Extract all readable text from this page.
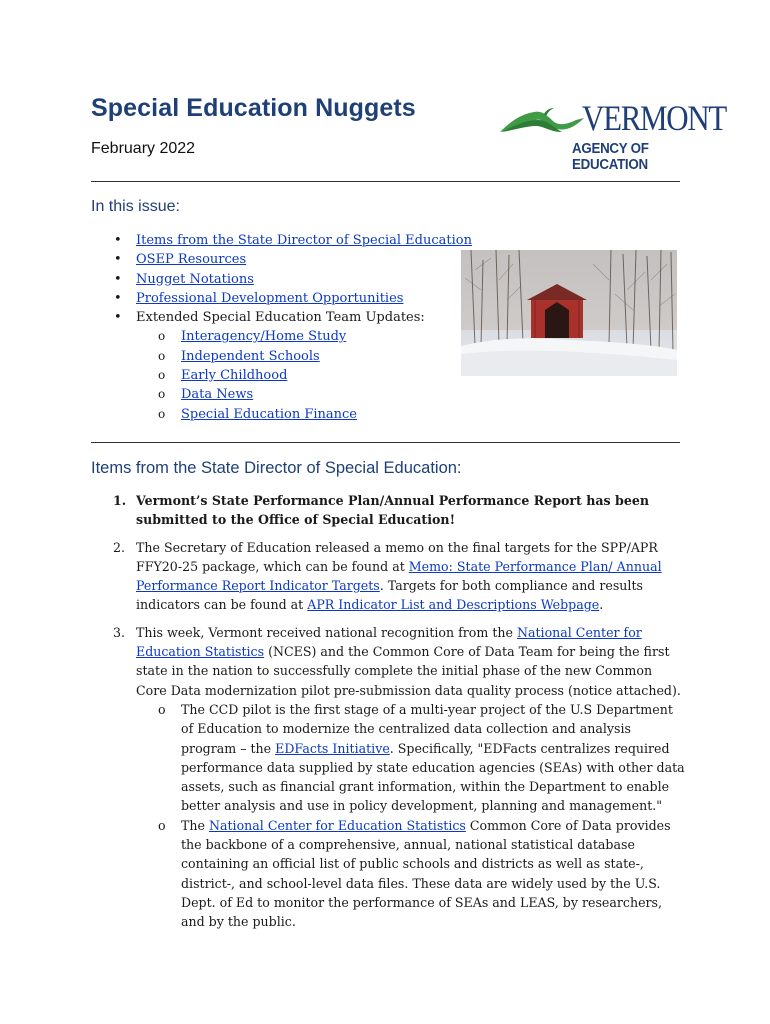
Special Education Nuggets
February 2022
VERMONT
AGENCY OF EDUCATION
In this issue:
• Items from the State Director of Special Education
• OSEP Resources
• Nugget Notations
• Professional Development Opportunities
• Extended Special Education Team Updates:
o Interagency/Home Study
o Independent Schools
o Early Childhood
o Data News
o Special Education Finance
Items from the State Director of Special Education:
1. Vermont’s State Performance Plan/Annual Performance Report has been submitted to the Office of Special Education!
2. The Secretary of Education released a memo on the final targets for the SPP/APR FFY20-25 package, which can be found at Memo: State Performance Plan/ Annual Performance Report Indicator Targets. Targets for both compliance and results indicators can be found at APR Indicator List and Descriptions Webpage.
3. This week, Vermont received national recognition from the National Center for Education Statistics (NCES) and the Common Core of Data Team for being the first state in the nation to successfully complete the initial phase of the new Common Core Data modernization pilot pre-submission data quality process (notice attached).
o The CCD pilot is the first stage of a multi-year project of the U.S Department of Education to modernize the centralized data collection and analysis program – the EDFacts Initiative. Specifically, "EDFacts centralizes required performance data supplied by state education agencies (SEAs) with other data assets, such as financial grant information, within the Department to enable better analysis and use in policy development, planning and management."
o The National Center for Education Statistics Common Core of Data provides the backbone of a comprehensive, annual, national statistical database containing an official list of public schools and districts as well as state-, district-, and school-level data files. These data are widely used by the U.S. Dept. of Ed to monitor the performance of SEAs and LEAS, by researchers, and by the public.
